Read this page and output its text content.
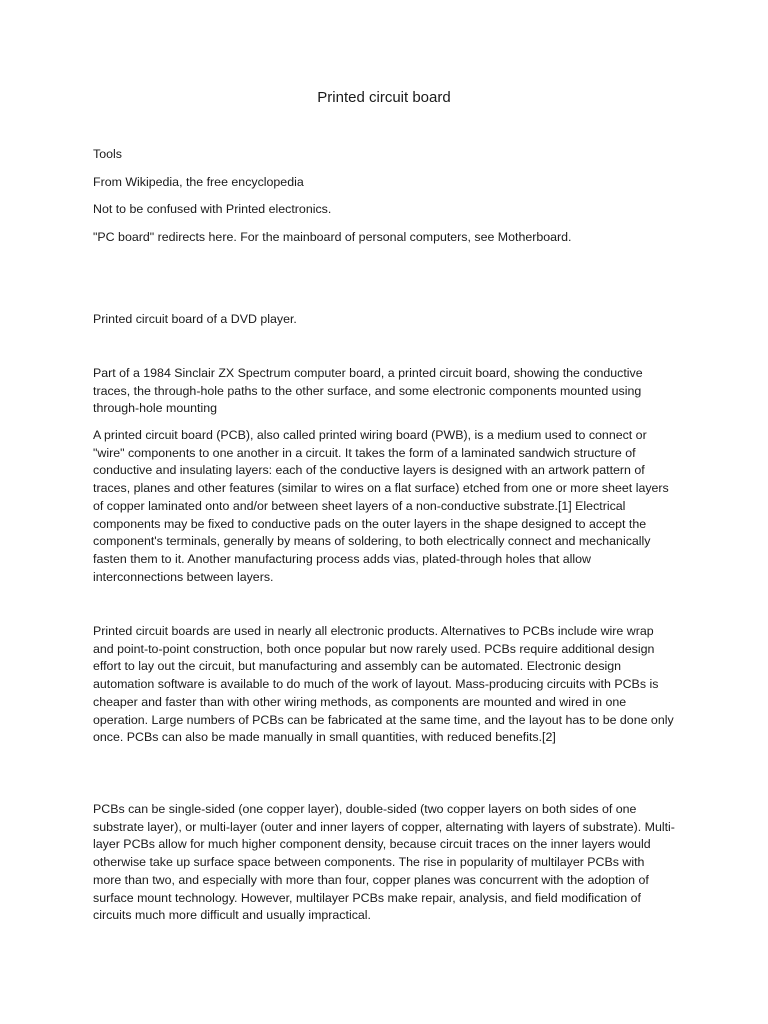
Printed circuit board

Tools

From Wikipedia, the free encyclopedia

Not to be confused with Printed electronics.

"PC board" redirects here. For the mainboard of personal computers, see Motherboard.

Printed circuit board of a DVD player.

Part of a 1984 Sinclair ZX Spectrum computer board, a printed circuit board, showing the conductive traces, the through-hole paths to the other surface, and some electronic components mounted using through-hole mounting

A printed circuit board (PCB), also called printed wiring board (PWB), is a medium used to connect or "wire" components to one another in a circuit. It takes the form of a laminated sandwich structure of conductive and insulating layers: each of the conductive layers is designed with an artwork pattern of traces, planes and other features (similar to wires on a flat surface) etched from one or more sheet layers of copper laminated onto and/or between sheet layers of a non-conductive substrate.[1] Electrical components may be fixed to conductive pads on the outer layers in the shape designed to accept the component's terminals, generally by means of soldering, to both electrically connect and mechanically fasten them to it. Another manufacturing process adds vias, plated-through holes that allow interconnections between layers.

Printed circuit boards are used in nearly all electronic products. Alternatives to PCBs include wire wrap and point-to-point construction, both once popular but now rarely used. PCBs require additional design effort to lay out the circuit, but manufacturing and assembly can be automated. Electronic design automation software is available to do much of the work of layout. Mass-producing circuits with PCBs is cheaper and faster than with other wiring methods, as components are mounted and wired in one operation. Large numbers of PCBs can be fabricated at the same time, and the layout has to be done only once. PCBs can also be made manually in small quantities, with reduced benefits.[2]

PCBs can be single-sided (one copper layer), double-sided (two copper layers on both sides of one substrate layer), or multi-layer (outer and inner layers of copper, alternating with layers of substrate). Multi-layer PCBs allow for much higher component density, because circuit traces on the inner layers would otherwise take up surface space between components. The rise in popularity of multilayer PCBs with more than two, and especially with more than four, copper planes was concurrent with the adoption of surface mount technology. However, multilayer PCBs make repair, analysis, and field modification of circuits much more difficult and usually impractical.
